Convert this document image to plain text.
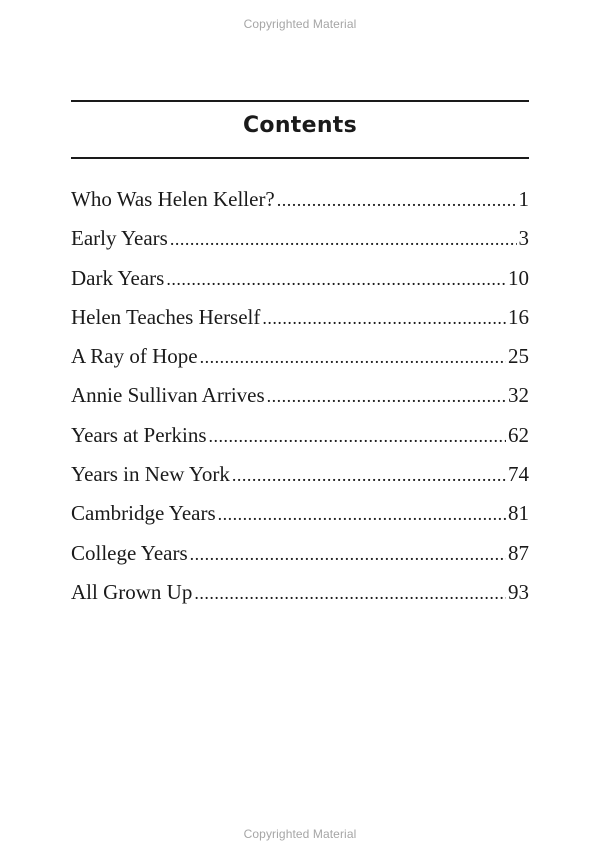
Copyrighted Material
Contents
Who Was Helen Keller? .....	1
Early Years .....	3
Dark Years .....	10
Helen Teaches Herself .....	16
A Ray of Hope .....	25
Annie Sullivan Arrives .....	32
Years at Perkins .....	62
Years in New York .....	74
Cambridge Years .....	81
College Years .....	87
All Grown Up .....	93
Copyrighted Material
